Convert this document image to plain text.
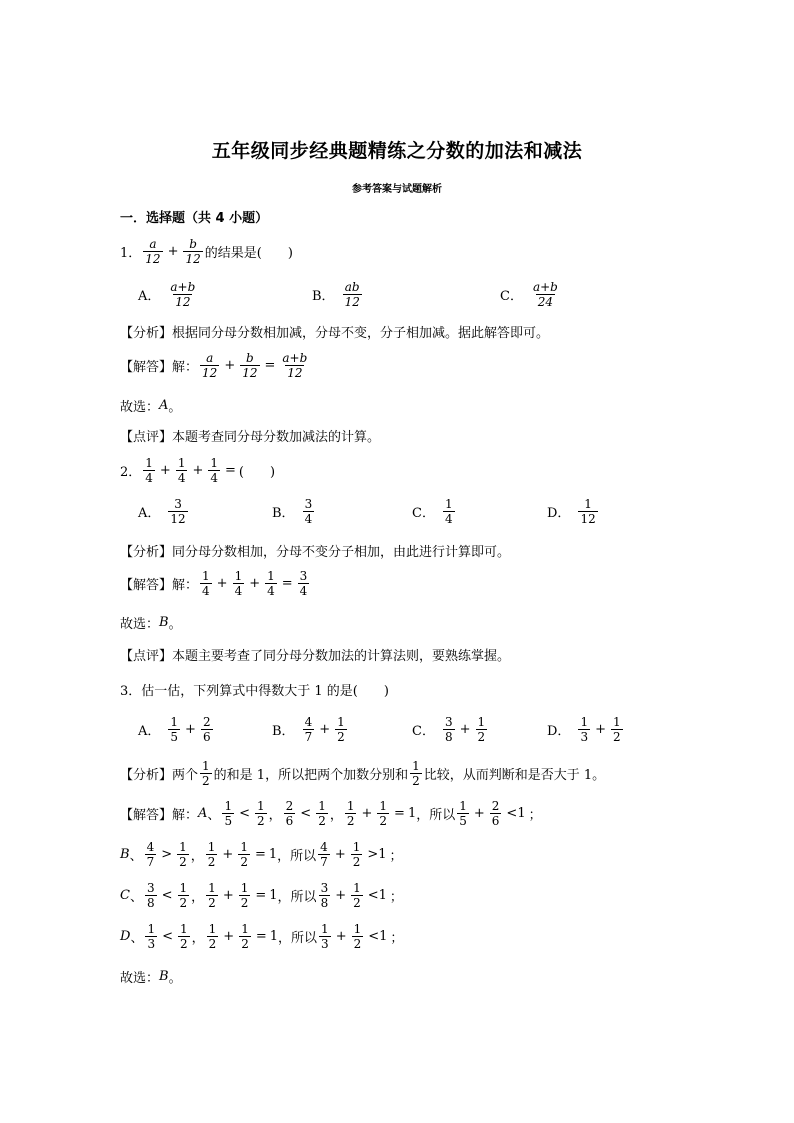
五年级同步经典题精练之分数的加法和减法
参考答案与试题解析
一．选择题（共 4 小题）
1． $\frac{a}{12} + \frac{b}{12}$ 的结果是(　　)
A． $\frac{a+b}{12}$	B． $\frac{ab}{12}$	C． $\frac{a+b}{24}$
【分析】 根据同分母分数相加减，分母不变，分子相加减。据此解答即可。
【解答】 解： $\frac{a}{12} + \frac{b}{12} = \frac{a+b}{12}$
故选： A 。
【点评】 本题考查同分母分数加减法的计算。
2． $\frac{1}{4} + \frac{1}{4} + \frac{1}{4}$ = (　　)
A． $\frac{3}{12}$	B． $\frac{3}{4}$	C． $\frac{1}{4}$	D． $\frac{1}{12}$
【分析】 同分母分数相加，分母不变分子相加，由此进行计算即可。
【解答】 解： $\frac{1}{4} + \frac{1}{4} + \frac{1}{4} = \frac{3}{4}$
故选： B 。
【点评】 本题主要考查了同分母分数加法的计算法则，要熟练掌握。
3．估一估，下列算式中得数大于 1 的是(　　)
A． $\frac{1}{5} + \frac{2}{6}$	B． $\frac{4}{7} + \frac{1}{2}$	C． $\frac{3}{8} + \frac{1}{2}$	D． $\frac{1}{3} + \frac{1}{2}$
【分析】 两个 $\frac{1}{2}$ 的和是 1，所以把两个加数分别和 $\frac{1}{2}$ 比较，从而判断和是否大于 1。
【解答】 解： A 、 $\frac{1}{5} < \frac{1}{2}$ ， $\frac{2}{6} < \frac{1}{2}$ ， $\frac{1}{2} + \frac{1}{2} = 1$ ，所以 $\frac{1}{5} + \frac{2}{6} <1$ ；
B 、 $\frac{4}{7} > \frac{1}{2}$ ， $\frac{1}{2} + \frac{1}{2} = 1$ ，所以 $\frac{4}{7} + \frac{1}{2} >1$ ；
C 、 $\frac{3}{8} < \frac{1}{2}$ ， $\frac{1}{2} + \frac{1}{2} = 1$ ，所以 $\frac{3}{8} + \frac{1}{2} <1$ ；
D 、 $\frac{1}{3} < \frac{1}{2}$ ， $\frac{1}{2} + \frac{1}{2} = 1$ ，所以 $\frac{1}{3} + \frac{1}{2} <1$ ；
故选： B 。
